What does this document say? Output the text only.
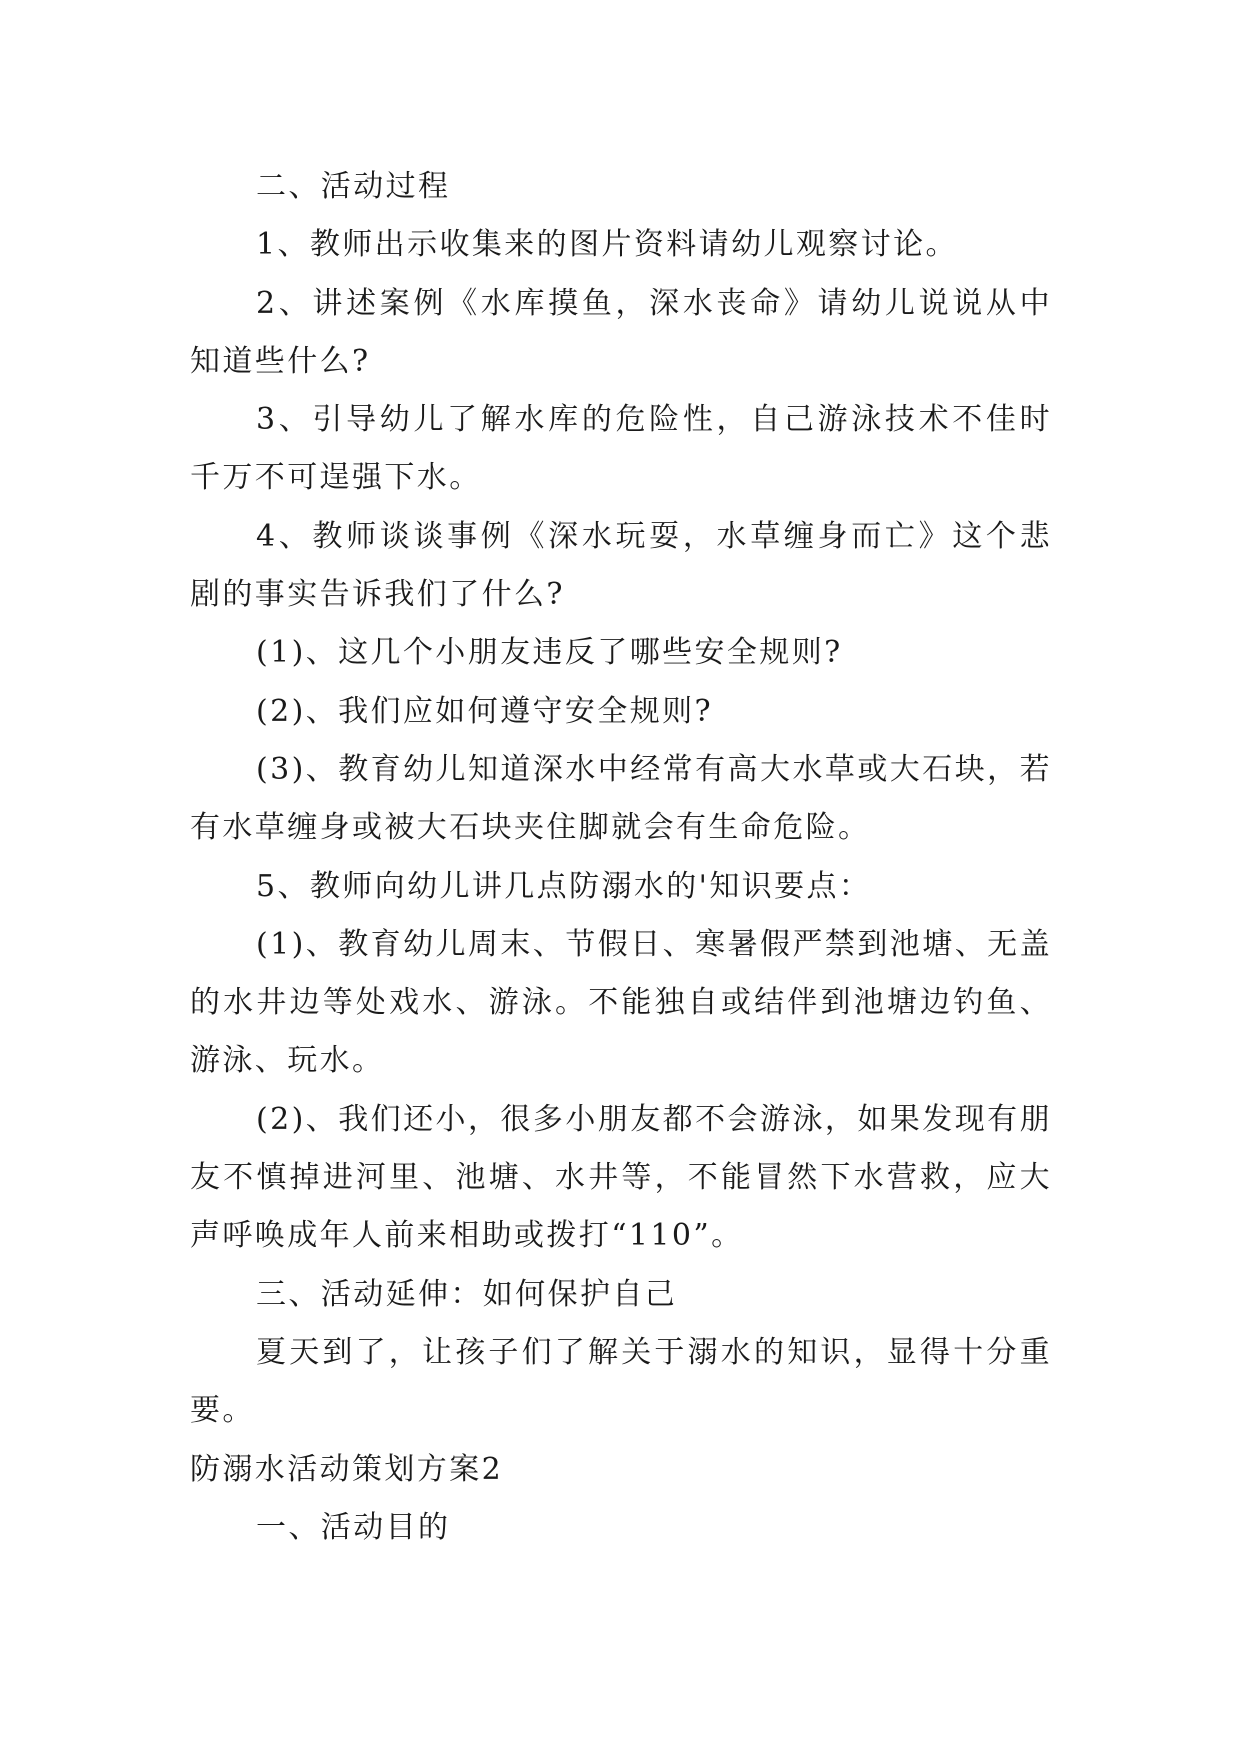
二、活动过程

1、教师出示收集来的图片资料请幼儿观察讨论。

2、讲述案例《水库摸鱼，深水丧命》请幼儿说说从中知道些什么?

3、引导幼儿了解水库的危险性，自己游泳技术不佳时千万不可逞强下水。

4、教师谈谈事例《深水玩耍，水草缠身而亡》这个悲剧的事实告诉我们了什么?

(1)、这几个小朋友违反了哪些安全规则?

(2)、我们应如何遵守安全规则?

(3)、教育幼儿知道深水中经常有高大水草或大石块，若有水草缠身或被大石块夹住脚就会有生命危险。

5、教师向幼儿讲几点防溺水的'知识要点：

(1)、教育幼儿周末、节假日、寒暑假严禁到池塘、无盖的水井边等处戏水、游泳。不能独自或结伴到池塘边钓鱼、游泳、玩水。

(2)、我们还小，很多小朋友都不会游泳，如果发现有朋友不慎掉进河里、池塘、水井等，不能冒然下水营救，应大声呼唤成年人前来相助或拨打“110”。

三、活动延伸：如何保护自己

夏天到了，让孩子们了解关于溺水的知识，显得十分重要。

防溺水活动策划方案2

一、活动目的
